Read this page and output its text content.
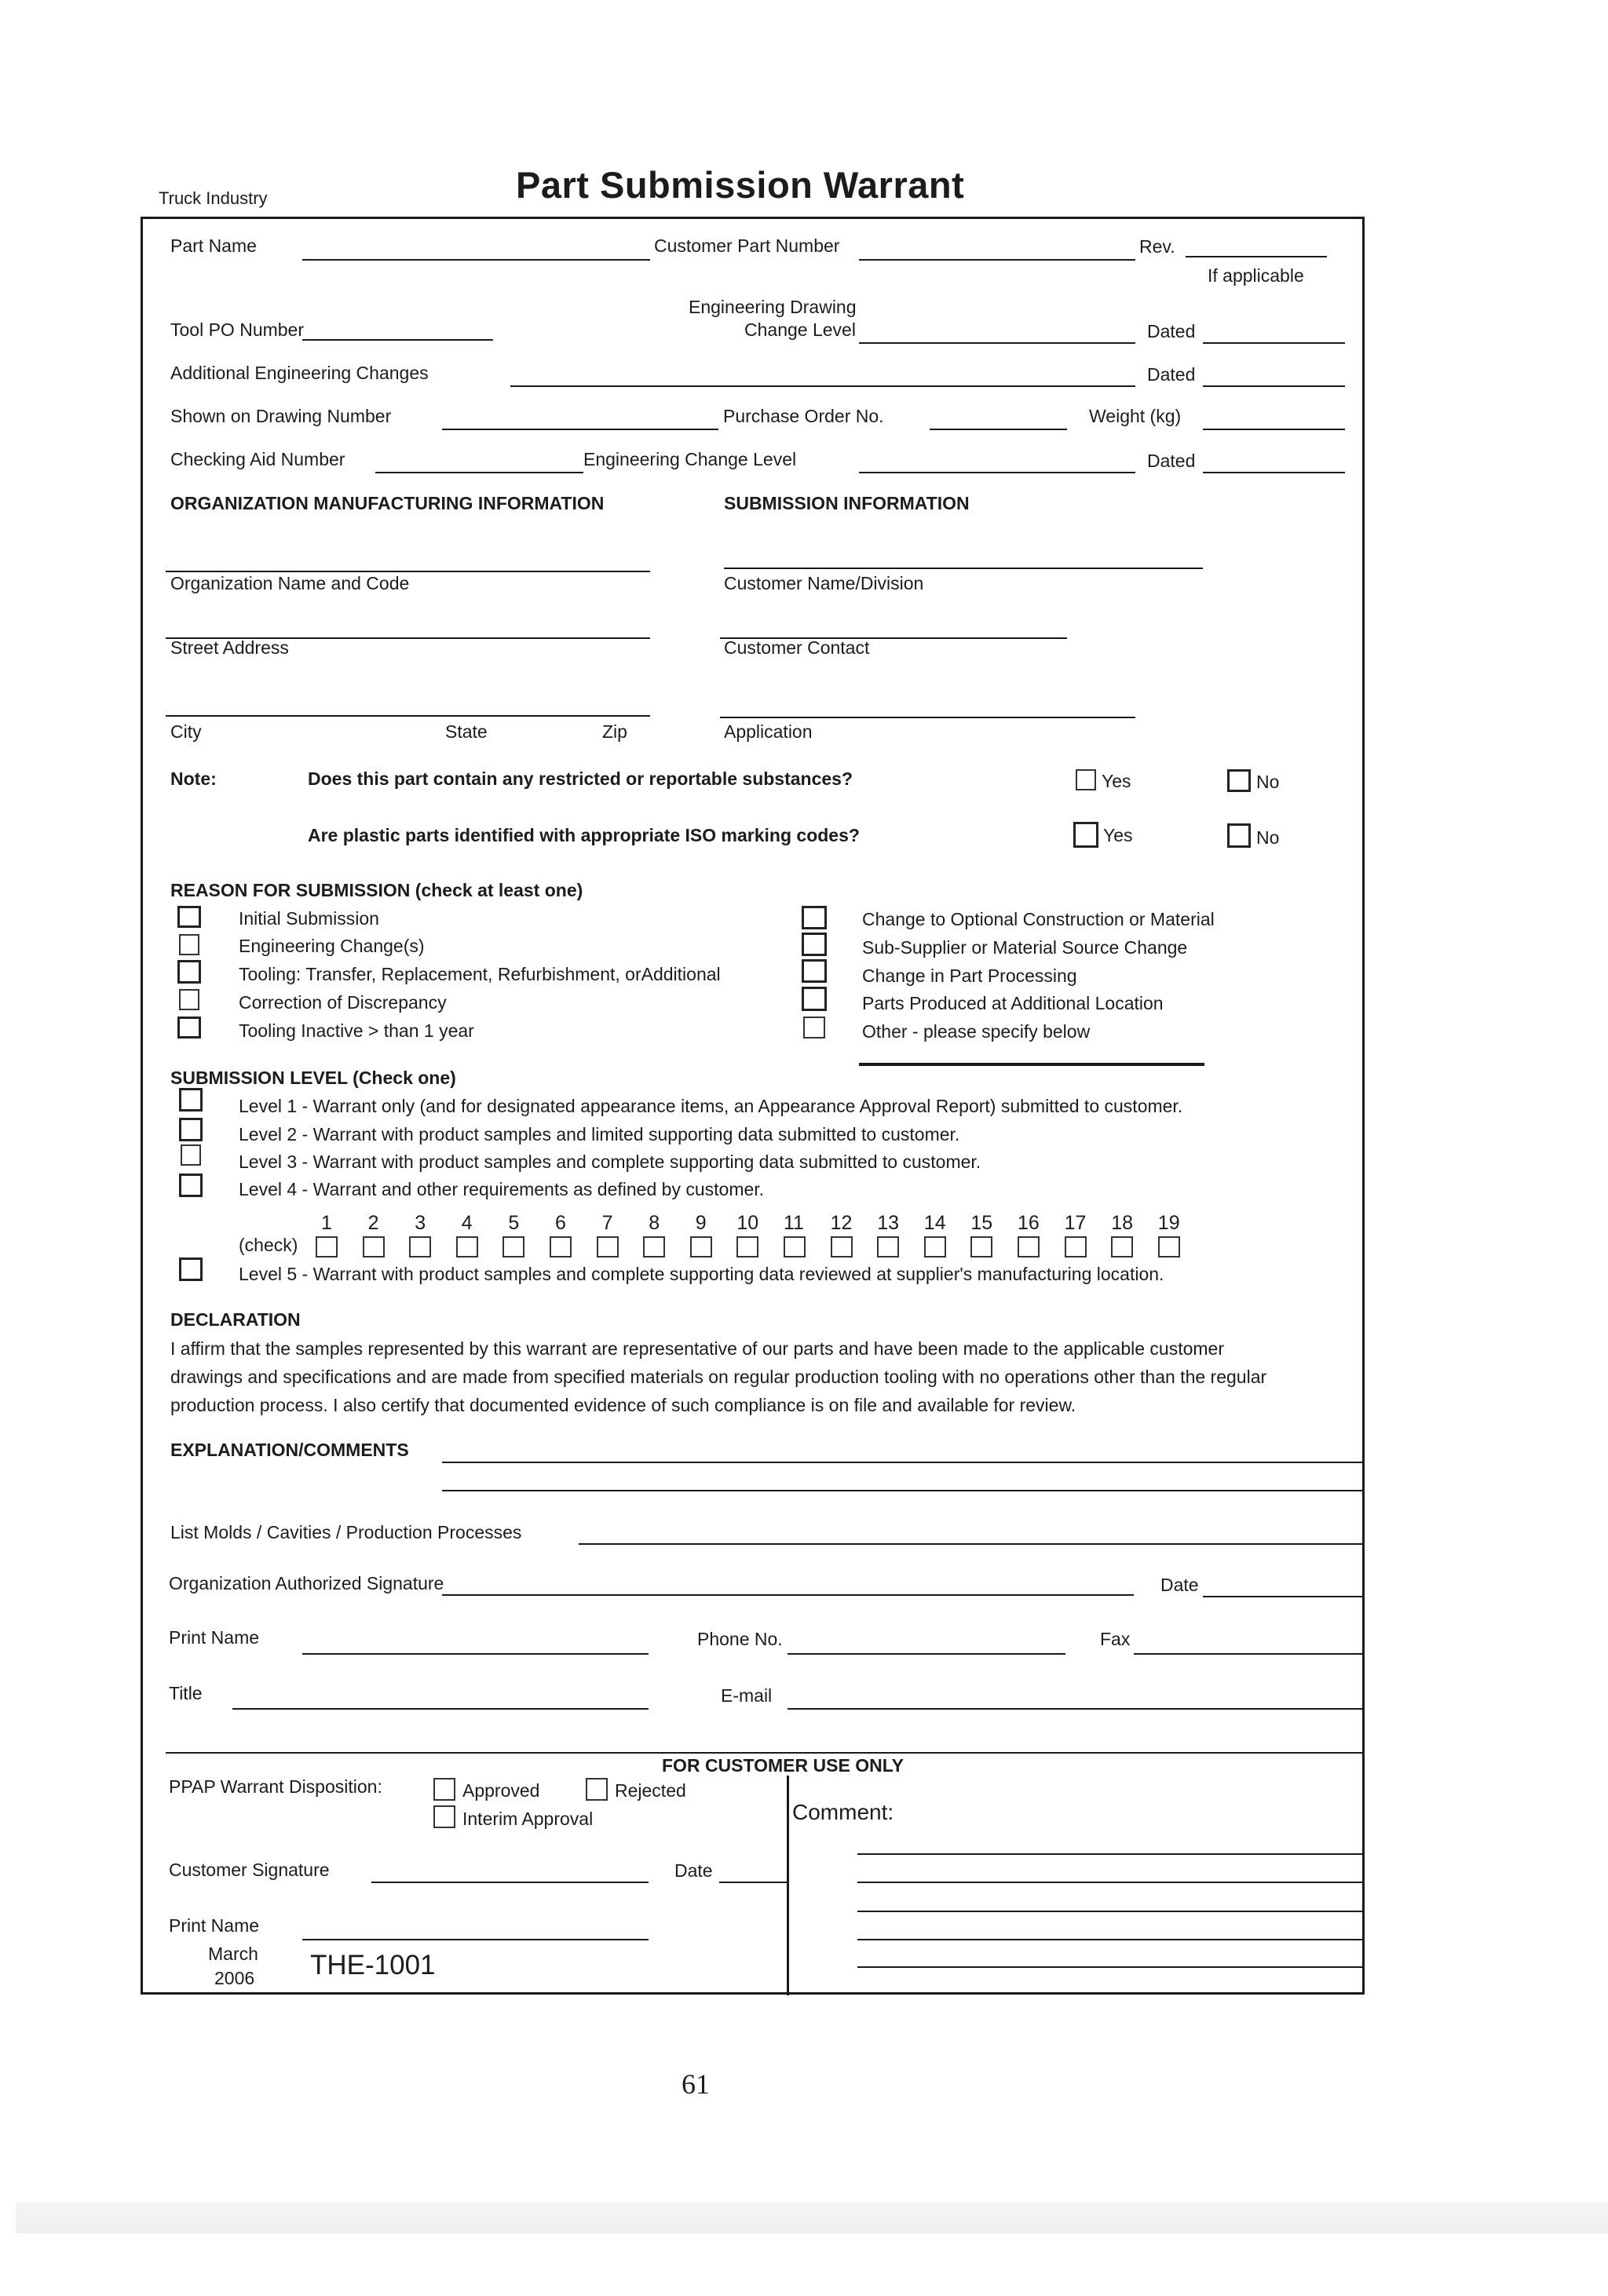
Truck Industry	Part Submission Warrant
Part Name	Customer Part Number	Rev.
If applicable
Engineering Drawing
Tool PO Number	Change Level	Dated
Additional Engineering Changes	Dated
Shown on Drawing Number	Purchase Order No.	Weight (kg)
Checking Aid Number	Engineering Change Level	Dated
ORGANIZATION MANUFACTURING INFORMATION	SUBMISSION INFORMATION
Organization Name and Code	Customer Name/Division
Street Address	Customer Contact
City	State	Zip	Application
Note:	Does this part contain any restricted or reportable substances?	Yes	No
Are plastic parts identified with appropriate ISO marking codes?	Yes	No
REASON FOR SUBMISSION (check at least one)
Initial Submission
Engineering Change(s)
Tooling: Transfer, Replacement, Refurbishment, orAdditional
Correction of Discrepancy
Tooling Inactive > than 1 year
Change to Optional Construction or Material
Sub-Supplier or Material Source Change
Change in Part Processing
Parts Produced at Additional Location
Other - please specify below
SUBMISSION LEVEL (Check one)
Level 1 - Warrant only (and for designated appearance items, an Appearance Approval Report) submitted to customer.
Level 2 - Warrant with product samples and limited supporting data submitted to customer.
Level 3 - Warrant with product samples and complete supporting data submitted to customer.
Level 4 - Warrant and other requirements as defined by customer.
1 2 3 4 5 6 7 8 9 10 11 12 13 14 15 16 17 18 19
(check)
Level 5 - Warrant with product samples and complete supporting data reviewed at supplier's manufacturing location.
DECLARATION
I affirm that the samples represented by this warrant are representative of our parts and have been made to the applicable customer
drawings and specifications and are made from specified materials on regular production tooling with no operations other than the regular
production process. I also certify that documented evidence of such compliance is on file and available for review.
EXPLANATION/COMMENTS
List Molds / Cavities / Production Processes
Organization Authorized Signature	Date
Print Name	Phone No.	Fax
Title	E-mail
FOR CUSTOMER USE ONLY
PPAP Warrant Disposition:	Approved	Rejected
Interim Approval	Comment:
Customer Signature	Date
Print Name
March
2006 THE-1001
61
